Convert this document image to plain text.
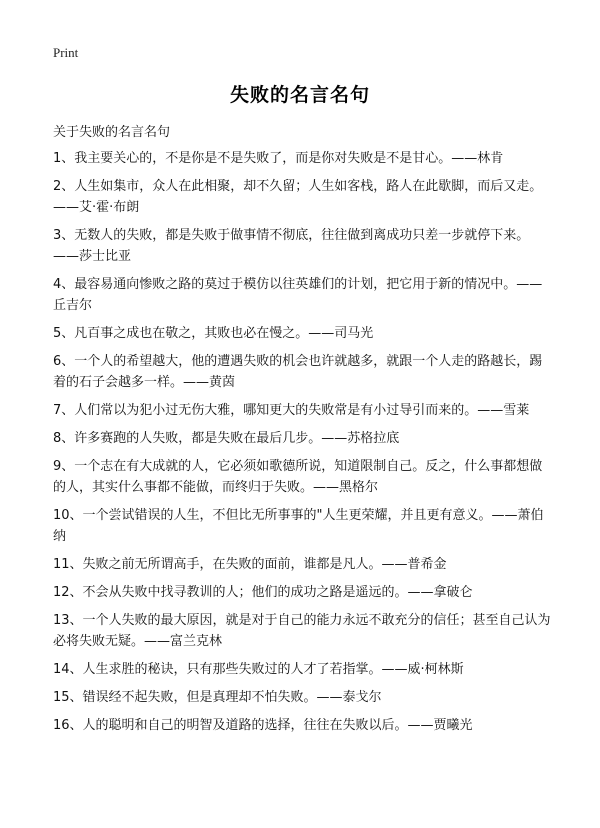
Print
失败的名言名句
关于失败的名言名句
1、我主要关心的，不是你是不是失败了，而是你对失败是不是甘心。——林肯
2、人生如集市，众人在此相聚，却不久留；人生如客栈，路人在此歇脚，而后又走。——艾·霍·布朗
3、无数人的失败，都是失败于做事情不彻底，往往做到离成功只差一步就停下来。——莎士比亚
4、最容易通向惨败之路的莫过于模仿以往英雄们的计划，把它用于新的情况中。——丘吉尔
5、凡百事之成也在敬之，其败也必在慢之。——司马光
6、一个人的希望越大，他的遭遇失败的机会也许就越多，就跟一个人走的路越长，踢着的石子会越多一样。——黄茵
7、人们常以为犯小过无伤大雅，哪知更大的失败常是有小过导引而来的。——雪莱
8、许多赛跑的人失败，都是失败在最后几步。——苏格拉底
9、一个志在有大成就的人，它必须如歌德所说，知道限制自己。反之，什么事都想做的人，其实什么事都不能做，而终归于失败。——黑格尔
10、一个尝试错误的人生，不但比无所事事的"人生更荣耀，并且更有意义。——萧伯纳
11、失败之前无所谓高手，在失败的面前，谁都是凡人。——普希金
12、不会从失败中找寻教训的人；他们的成功之路是遥远的。——拿破仑
13、一个人失败的最大原因，就是对于自己的能力永远不敢充分的信任；甚至自己认为必将失败无疑。——富兰克林
14、人生求胜的秘诀，只有那些失败过的人才了若指掌。——威·柯林斯
15、错误经不起失败，但是真理却不怕失败。——泰戈尔
16、人的聪明和自己的明智及道路的选择，往往在失败以后。——贾曦光
